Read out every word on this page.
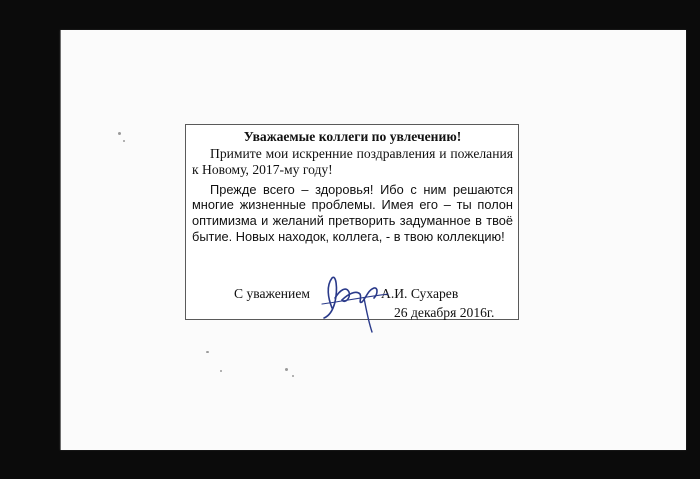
Уважаемые коллеги по увлечению!

Примите мои искренние поздравления и пожелания к Новому, 2017-му году!

Прежде всего – здоровья! Ибо с ним решаются многие жизненные проблемы. Имея его – ты полон оптимизма и желаний претворить задуманное в твоё бытие. Новых находок, коллега, - в твою коллекцию!

С уважением	А.И. Сухарев
26 декабря 2016г.
